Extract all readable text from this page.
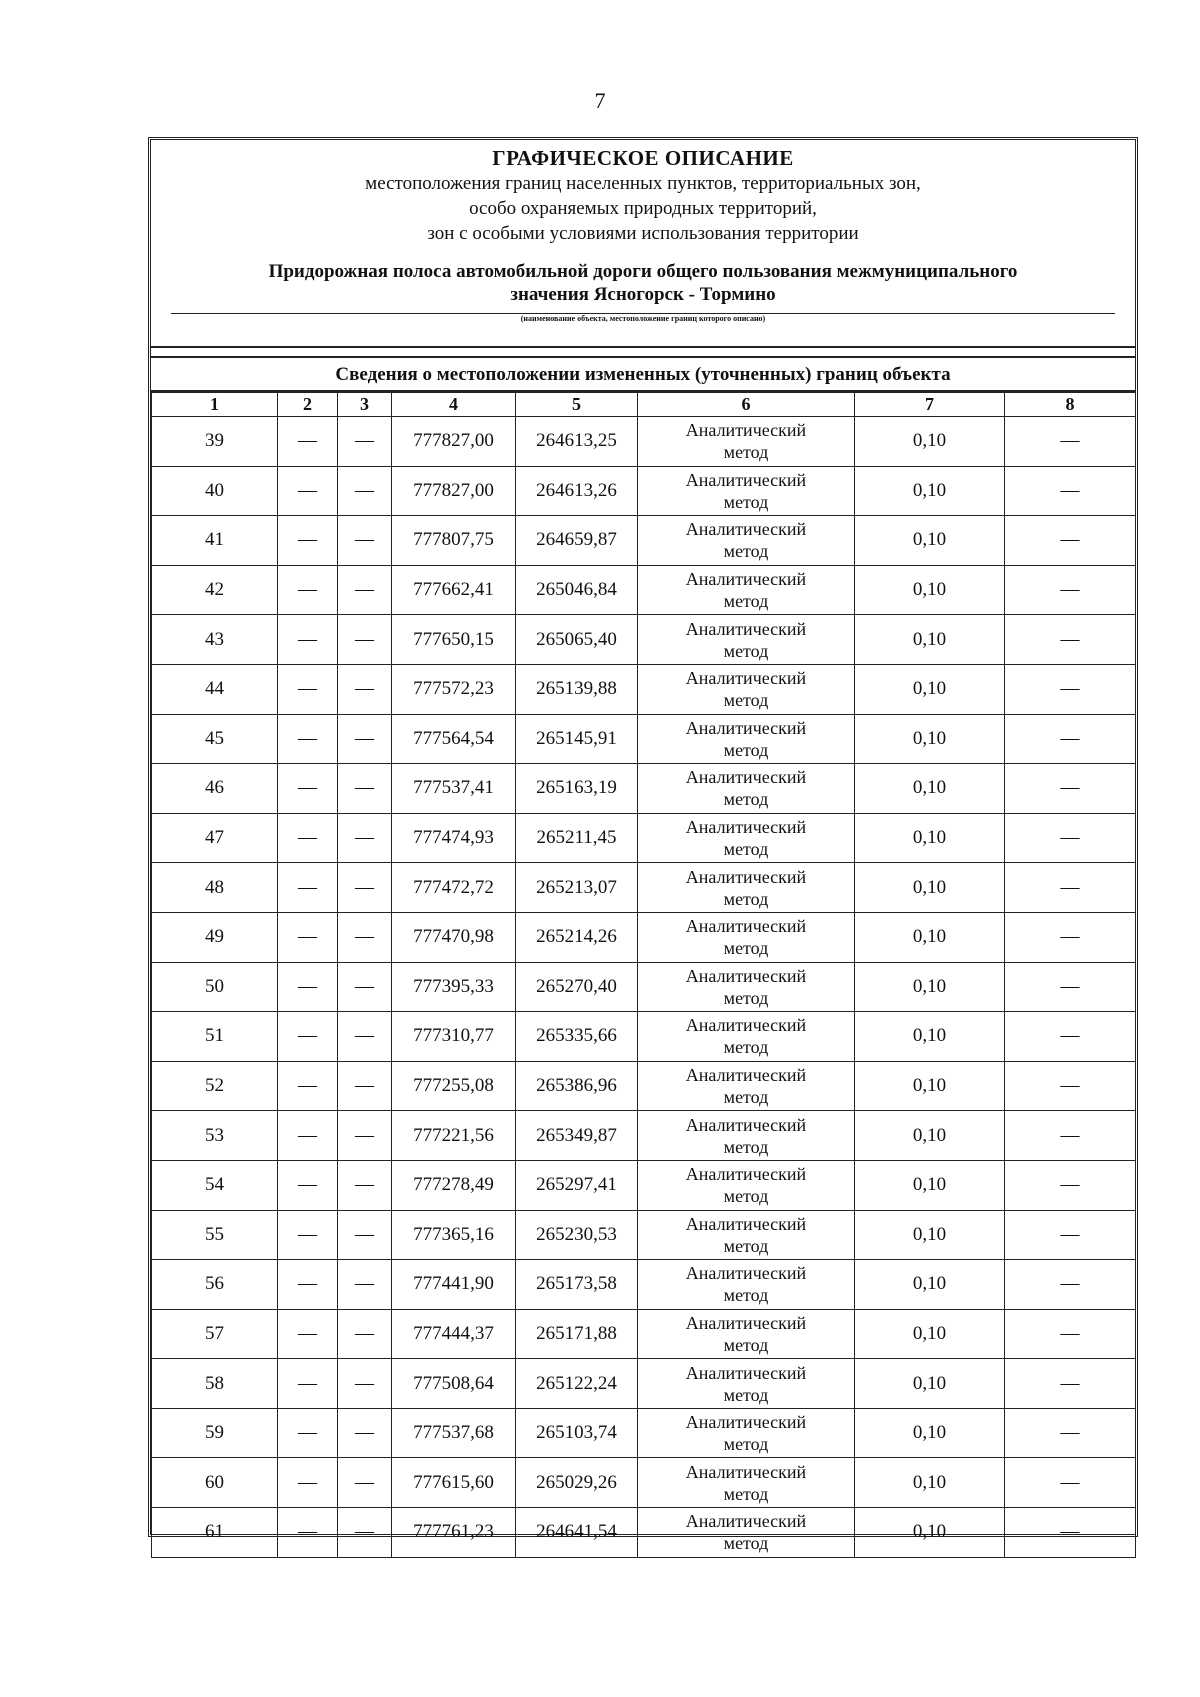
7
ГРАФИЧЕСКОЕ ОПИСАНИЕ
местоположения границ населенных пунктов, территориальных зон,
особо охраняемых природных территорий,
зон с особыми условиями использования территории
Придорожная полоса автомобильной дороги общего пользования межмуниципального
значения Ясногорск - Тормино
(наименование объекта, местоположение границ которого описано)
Сведения о местоположении измененных (уточненных) границ объекта
1	2	3	4	5	6	7	8
39	—	—	777827,00	264613,25	Аналитический
метод	0,10	—
40	—	—	777827,00	264613,26	Аналитический
метод	0,10	—
41	—	—	777807,75	264659,87	Аналитический
метод	0,10	—
42	—	—	777662,41	265046,84	Аналитический
метод	0,10	—
43	—	—	777650,15	265065,40	Аналитический
метод	0,10	—
44	—	—	777572,23	265139,88	Аналитический
метод	0,10	—
45	—	—	777564,54	265145,91	Аналитический
метод	0,10	—
46	—	—	777537,41	265163,19	Аналитический
метод	0,10	—
47	—	—	777474,93	265211,45	Аналитический
метод	0,10	—
48	—	—	777472,72	265213,07	Аналитический
метод	0,10	—
49	—	—	777470,98	265214,26	Аналитический
метод	0,10	—
50	—	—	777395,33	265270,40	Аналитический
метод	0,10	—
51	—	—	777310,77	265335,66	Аналитический
метод	0,10	—
52	—	—	777255,08	265386,96	Аналитический
метод	0,10	—
53	—	—	777221,56	265349,87	Аналитический
метод	0,10	—
54	—	—	777278,49	265297,41	Аналитический
метод	0,10	—
55	—	—	777365,16	265230,53	Аналитический
метод	0,10	—
56	—	—	777441,90	265173,58	Аналитический
метод	0,10	—
57	—	—	777444,37	265171,88	Аналитический
метод	0,10	—
58	—	—	777508,64	265122,24	Аналитический
метод	0,10	—
59	—	—	777537,68	265103,74	Аналитический
метод	0,10	—
60	—	—	777615,60	265029,26	Аналитический
метод	0,10	—
61	—	—	777761,23	264641,54	Аналитический
метод	0,10	—
